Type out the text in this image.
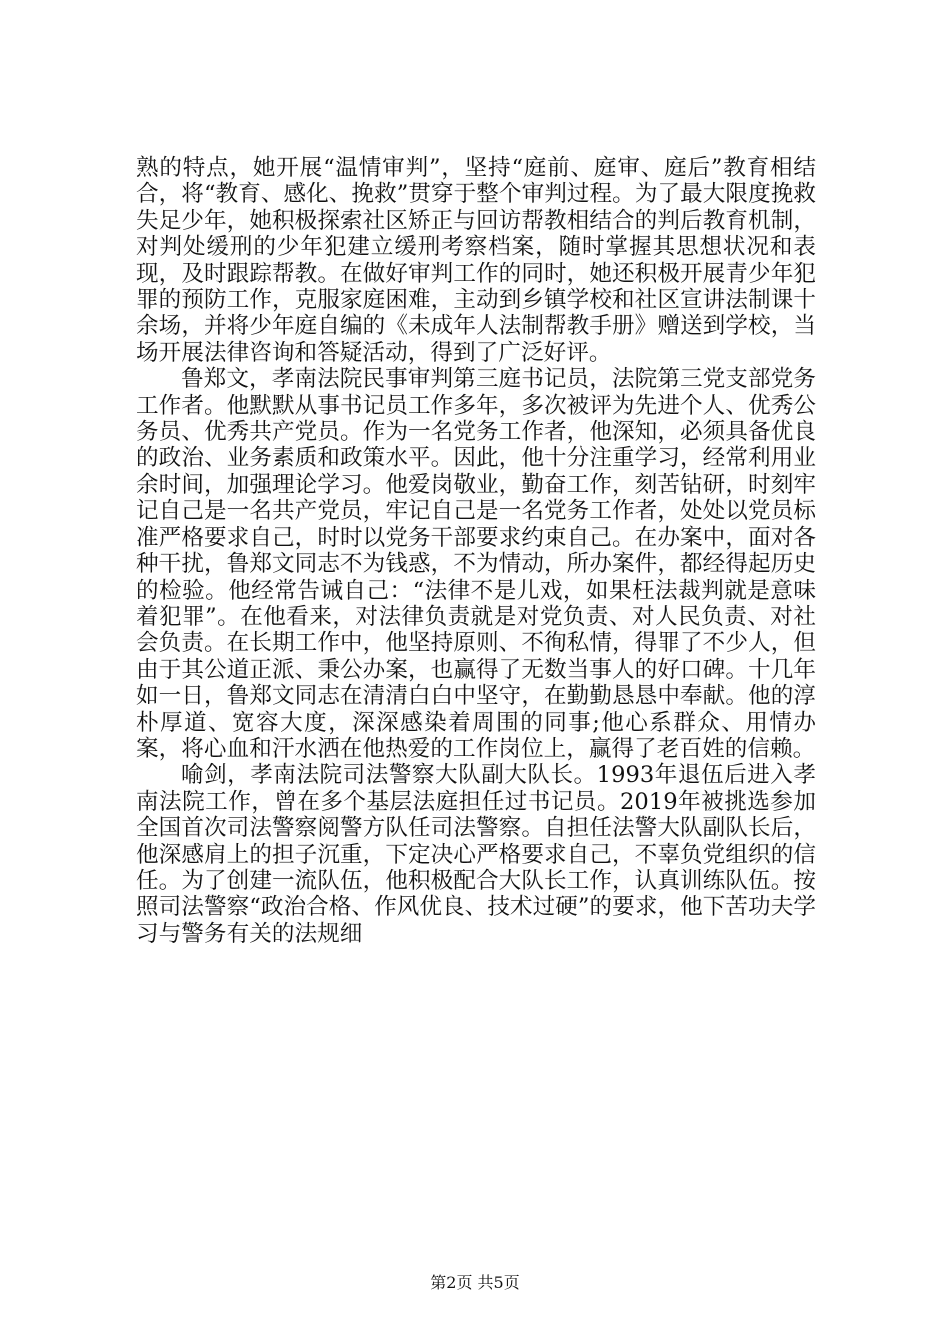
熟的特点，她开展“温情审判”，坚持“庭前、庭审、庭后”教育相结合，将“教育、感化、挽救”贯穿于整个审判过程。为了最大限度挽救失足少年，她积极探索社区矫正与回访帮教相结合的判后教育机制，对判处缓刑的少年犯建立缓刑考察档案，随时掌握其思想状况和表现，及时跟踪帮教。在做好审判工作的同时，她还积极开展青少年犯罪的预防工作，克服家庭困难，主动到乡镇学校和社区宣讲法制课十余场，并将少年庭自编的《未成年人法制帮教手册》赠送到学校，当场开展法律咨询和答疑活动，得到了广泛好评。

鲁郑文，孝南法院民事审判第三庭书记员，法院第三党支部党务工作者。他默默从事书记员工作多年，多次被评为先进个人、优秀公务员、优秀共产党员。作为一名党务工作者，他深知，必须具备优良的政治、业务素质和政策水平。因此，他十分注重学习，经常利用业余时间，加强理论学习。他爱岗敬业，勤奋工作，刻苦钻研，时刻牢记自己是一名共产党员，牢记自己是一名党务工作者，处处以党员标准严格要求自己，时时以党务干部要求约束自己。在办案中，面对各种干扰，鲁郑文同志不为钱惑，不为情动，所办案件，都经得起历史的检验。他经常告诫自己：“法律不是儿戏，如果枉法裁判就是意味着犯罪”。在他看来，对法律负责就是对党负责、对人民负责、对社会负责。在长期工作中，他坚持原则、不徇私情，得罪了不少人，但由于其公道正派、秉公办案，也赢得了无数当事人的好口碑。十几年如一日，鲁郑文同志在清清白白中坚守，在勤勤恳恳中奉献。他的淳朴厚道、宽容大度，深深感染着周围的同事;他心系群众、用情办案，将心血和汗水洒在他热爱的工作岗位上，赢得了老百姓的信赖。

喻剑，孝南法院司法警察大队副大队长。1993年退伍后进入孝南法院工作，曾在多个基层法庭担任过书记员。2019年被挑选参加全国首次司法警察阅警方队任司法警察。自担任法警大队副队长后，他深感肩上的担子沉重，下定决心严格要求自己，不辜负党组织的信任。为了创建一流队伍，他积极配合大队长工作，认真训练队伍。按照司法警察“政治合格、作风优良、技术过硬”的要求，他下苦功夫学习与警务有关的法规细

第2页 共5页
